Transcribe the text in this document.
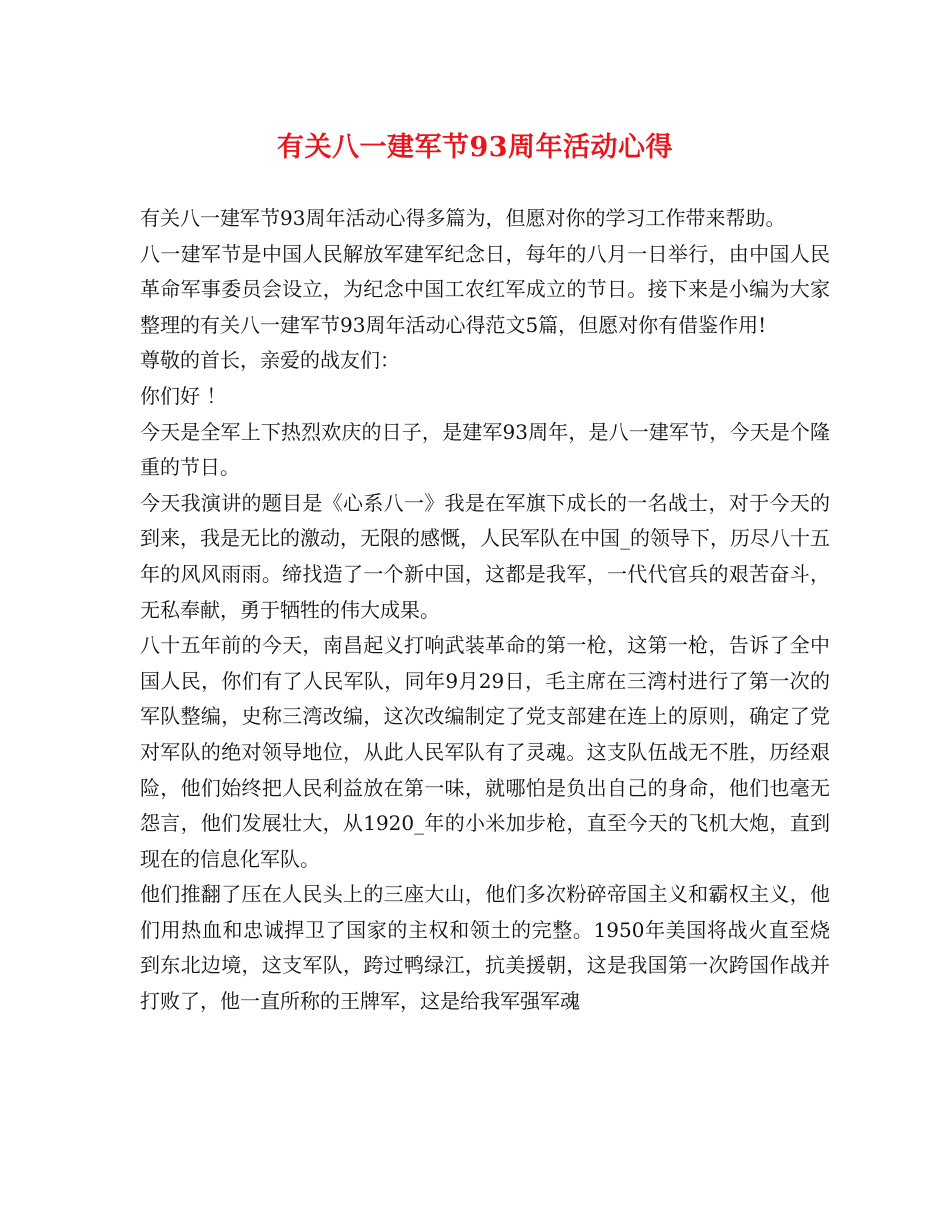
有关八一建军节93周年活动心得

有关八一建军节93周年活动心得多篇为，但愿对你的学习工作带来帮助。

八一建军节是中国人民解放军建军纪念日，每年的八月一日举行，由中国人民革命军事委员会设立，为纪念中国工农红军成立的节日。接下来是小编为大家整理的有关八一建军节93周年活动心得范文5篇，但愿对你有借鉴作用!

尊敬的首长，亲爱的战友们：

你们好 ！

今天是全军上下热烈欢庆的日子，是建军93周年，是八一建军节，今天是个隆重的节日。

今天我演讲的题目是《心系八一》我是在军旗下成长的一名战士，对于今天的到来，我是无比的激动，无限的感慨，人民军队在中国_的领导下，历尽八十五年的风风雨雨。缔找造了一个新中国，这都是我军，一代代官兵的艰苦奋斗，无私奉献，勇于牺牲的伟大成果。

八十五年前的今天，南昌起义打响武装革命的第一枪，这第一枪，告诉了全中国人民，你们有了人民军队，同年9月29日，毛主席在三湾村进行了第一次的军队整编，史称三湾改编，这次改编制定了党支部建在连上的原则，确定了党对军队的绝对领导地位，从此人民军队有了灵魂。这支队伍战无不胜，历经艰险，他们始终把人民利益放在第一味，就哪怕是负出自己的身命，他们也毫无怨言，他们发展壮大，从1920_年的小米加步枪，直至今天的飞机大炮，直到现在的信息化军队。

他们推翻了压在人民头上的三座大山，他们多次粉碎帝国主义和霸权主义，他们用热血和忠诚捍卫了国家的主权和领土的完整。1950年美国将战火直至烧到东北边境，这支军队，跨过鸭绿江，抗美援朝，这是我国第一次跨国作战并打败了，他一直所称的王牌军，这是给我军强军魂
